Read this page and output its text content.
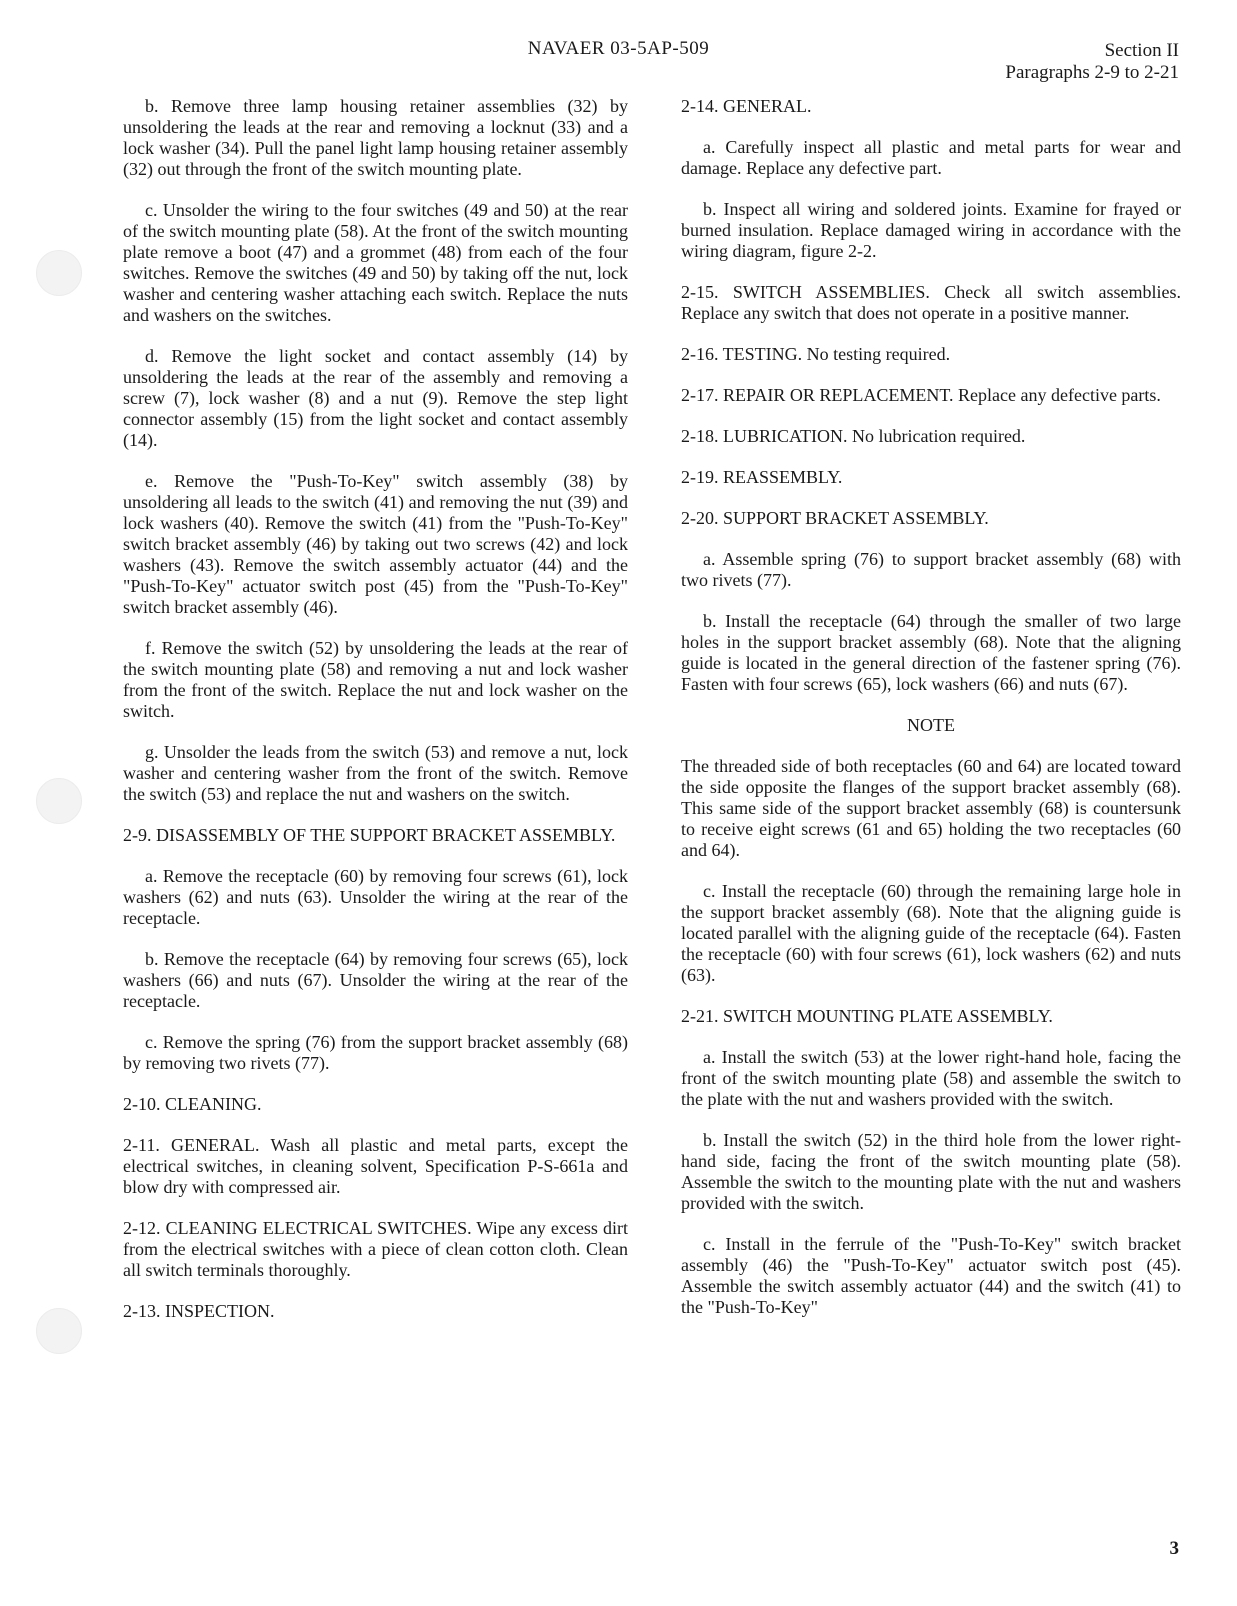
NAVAER 03-5AP-509	Section II
Paragraphs 2-9 to 2-21

b. Remove three lamp housing retainer assemblies (32) by unsoldering the leads at the rear and removing a locknut (33) and a lock washer (34). Pull the panel light lamp housing retainer assembly (32) out through the front of the switch mounting plate.

c. Unsolder the wiring to the four switches (49 and 50) at the rear of the switch mounting plate (58). At the front of the switch mounting plate remove a boot (47) and a grommet (48) from each of the four switches. Remove the switches (49 and 50) by taking off the nut, lock washer and centering washer attaching each switch. Replace the nuts and washers on the switches.

d. Remove the light socket and contact assembly (14) by unsoldering the leads at the rear of the assembly and removing a screw (7), lock washer (8) and a nut (9). Remove the step light connector assembly (15) from the light socket and contact assembly (14).

e. Remove the "Push-To-Key" switch assembly (38) by unsoldering all leads to the switch (41) and removing the nut (39) and lock washers (40). Remove the switch (41) from the "Push-To-Key" switch bracket assembly (46) by taking out two screws (42) and lock washers (43). Remove the switch assembly actuator (44) and the "Push-To-Key" actuator switch post (45) from the "Push-To-Key" switch bracket assembly (46).

f. Remove the switch (52) by unsoldering the leads at the rear of the switch mounting plate (58) and removing a nut and lock washer from the front of the switch. Replace the nut and lock washer on the switch.

g. Unsolder the leads from the switch (53) and remove a nut, lock washer and centering washer from the front of the switch. Remove the switch (53) and replace the nut and washers on the switch.

2-9. DISASSEMBLY OF THE SUPPORT BRACKET ASSEMBLY.

a. Remove the receptacle (60) by removing four screws (61), lock washers (62) and nuts (63). Unsolder the wiring at the rear of the receptacle.

b. Remove the receptacle (64) by removing four screws (65), lock washers (66) and nuts (67). Unsolder the wiring at the rear of the receptacle.

c. Remove the spring (76) from the support bracket assembly (68) by removing two rivets (77).

2-10. CLEANING.

2-11. GENERAL. Wash all plastic and metal parts, except the electrical switches, in cleaning solvent, Specification P-S-661a and blow dry with compressed air.

2-12. CLEANING ELECTRICAL SWITCHES. Wipe any excess dirt from the electrical switches with a piece of clean cotton cloth. Clean all switch terminals thoroughly.

2-13. INSPECTION.

2-14. GENERAL.

a. Carefully inspect all plastic and metal parts for wear and damage. Replace any defective part.

b. Inspect all wiring and soldered joints. Examine for frayed or burned insulation. Replace damaged wiring in accordance with the wiring diagram, figure 2-2.

2-15. SWITCH ASSEMBLIES. Check all switch assemblies. Replace any switch that does not operate in a positive manner.

2-16. TESTING. No testing required.

2-17. REPAIR OR REPLACEMENT. Replace any defective parts.

2-18. LUBRICATION. No lubrication required.

2-19. REASSEMBLY.

2-20. SUPPORT BRACKET ASSEMBLY.

a. Assemble spring (76) to support bracket assembly (68) with two rivets (77).

b. Install the receptacle (64) through the smaller of two large holes in the support bracket assembly (68). Note that the aligning guide is located in the general direction of the fastener spring (76). Fasten with four screws (65), lock washers (66) and nuts (67).

NOTE

The threaded side of both receptacles (60 and 64) are located toward the side opposite the flanges of the support bracket assembly (68). This same side of the support bracket assembly (68) is countersunk to receive eight screws (61 and 65) holding the two receptacles (60 and 64).

c. Install the receptacle (60) through the remaining large hole in the support bracket assembly (68). Note that the aligning guide is located parallel with the aligning guide of the receptacle (64). Fasten the receptacle (60) with four screws (61), lock washers (62) and nuts (63).

2-21. SWITCH MOUNTING PLATE ASSEMBLY.

a. Install the switch (53) at the lower right-hand hole, facing the front of the switch mounting plate (58) and assemble the switch to the plate with the nut and washers provided with the switch.

b. Install the switch (52) in the third hole from the lower right-hand side, facing the front of the switch mounting plate (58). Assemble the switch to the mounting plate with the nut and washers provided with the switch.

c. Install in the ferrule of the "Push-To-Key" switch bracket assembly (46) the "Push-To-Key" actuator switch post (45). Assemble the switch assembly actuator (44) and the switch (41) to the "Push-To-Key"

3
